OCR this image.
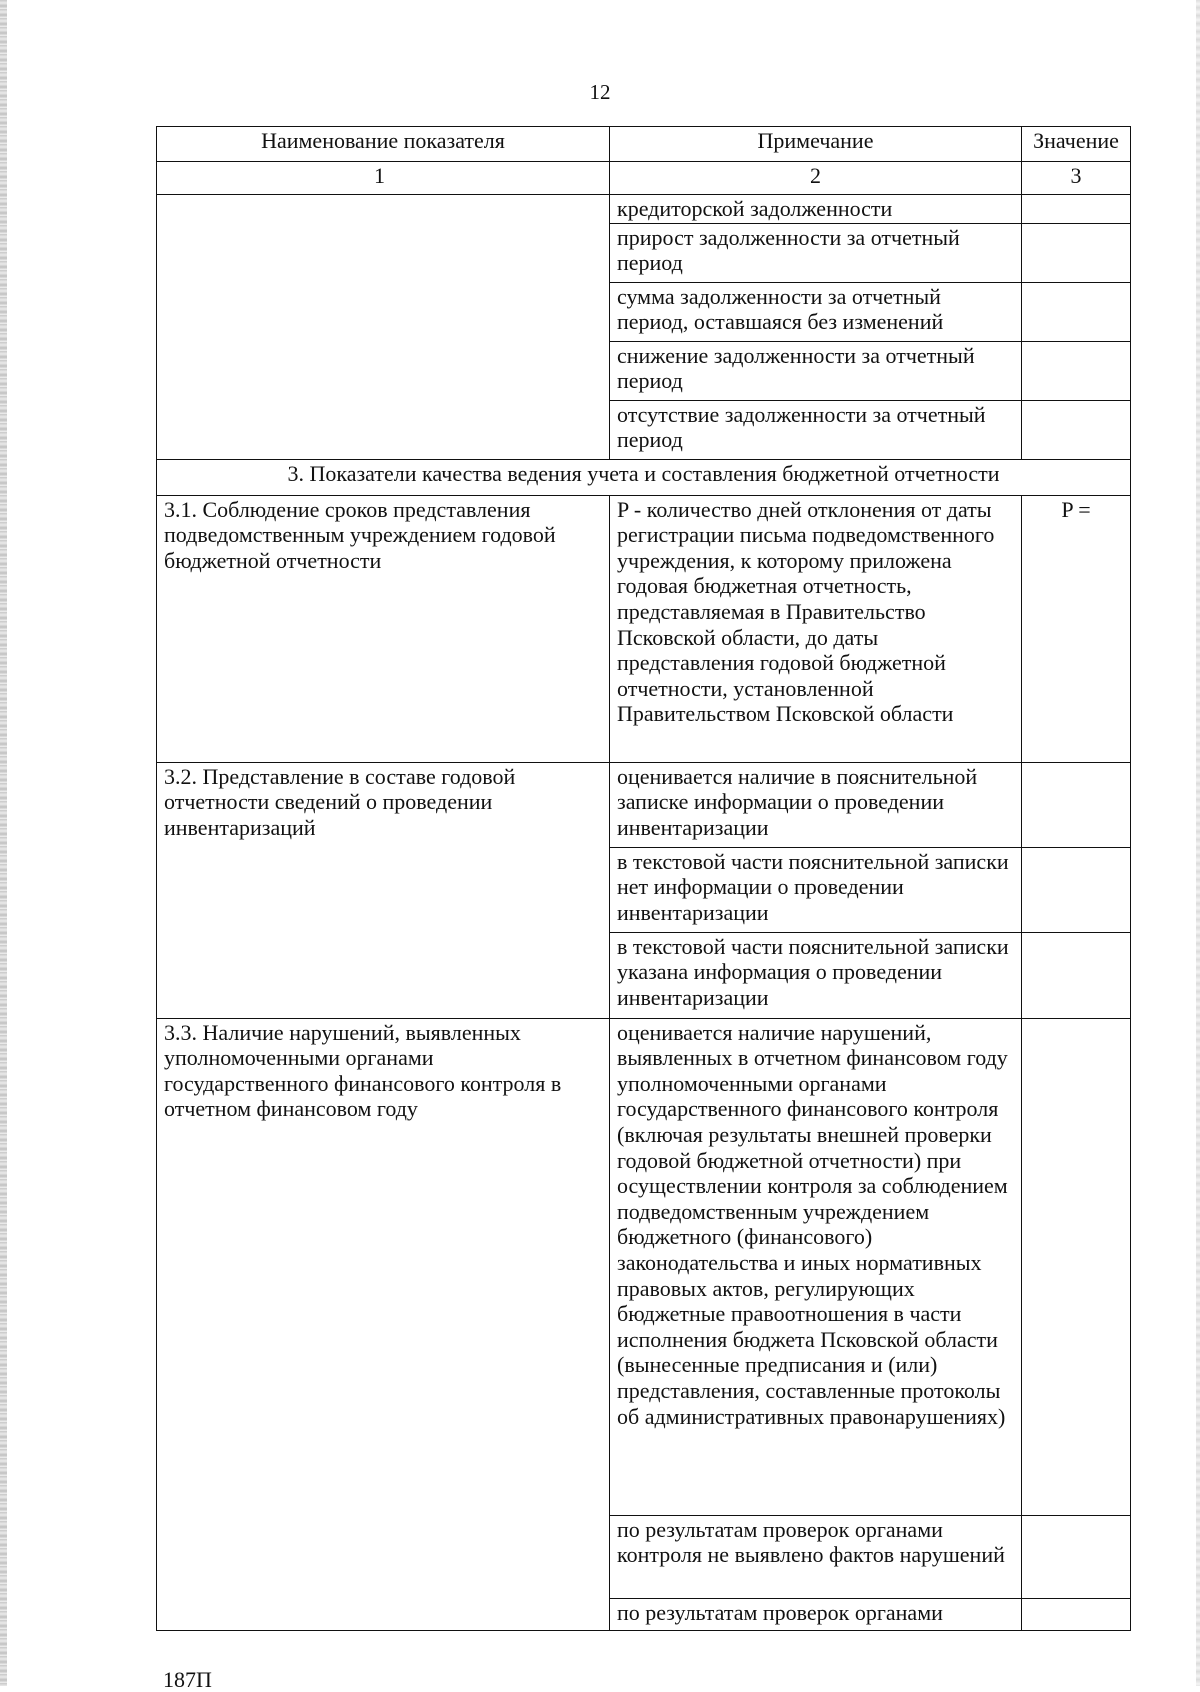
12
Наименование показателя	Примечание	Значение
1	2	3
	кредиторской задолженности	
	прирост задолженности за отчетный период	
	сумма задолженности за отчетный период, оставшаяся без изменений	
	снижение задолженности за отчетный период	
	отсутствие задолженности за отчетный период	
3. Показатели качества ведения учета и составления бюджетной отчетности		
3.1. Соблюдение сроков представления подведомственным учреждением годовой бюджетной отчетности	P - количество дней отклонения от даты регистрации письма подведомственного учреждения, к которому приложена годовая бюджетная отчетность, представляемая в Правительство Псковской области, до даты представления годовой бюджетной отчетности, установленной Правительством Псковской области	P =
3.2. Представление в составе годовой отчетности сведений о проведении инвентаризаций	оценивается наличие в пояснительной записке информации о проведении инвентаризации	
	в текстовой части пояснительной записки нет информации о проведении инвентаризации	
	в текстовой части пояснительной записки указана информация о проведении инвентаризации	
3.3. Наличие нарушений, выявленных уполномоченными органами государственного финансового контроля в отчетном финансовом году	оценивается наличие нарушений, выявленных в отчетном финансовом году уполномоченными органами государственного финансового контроля (включая результаты внешней проверки годовой бюджетной отчетности) при осуществлении контроля за соблюдением подведомственным учреждением бюджетного (финансового) законодательства и иных нормативных правовых актов, регулирующих бюджетные правоотношения в части исполнения бюджета Псковской области (вынесенные предписания и (или) представления, составленные протоколы об административных правонарушениях)	
	по результатам проверок органами контроля не выявлено фактов нарушений	
	по результатам проверок органами	
187П
